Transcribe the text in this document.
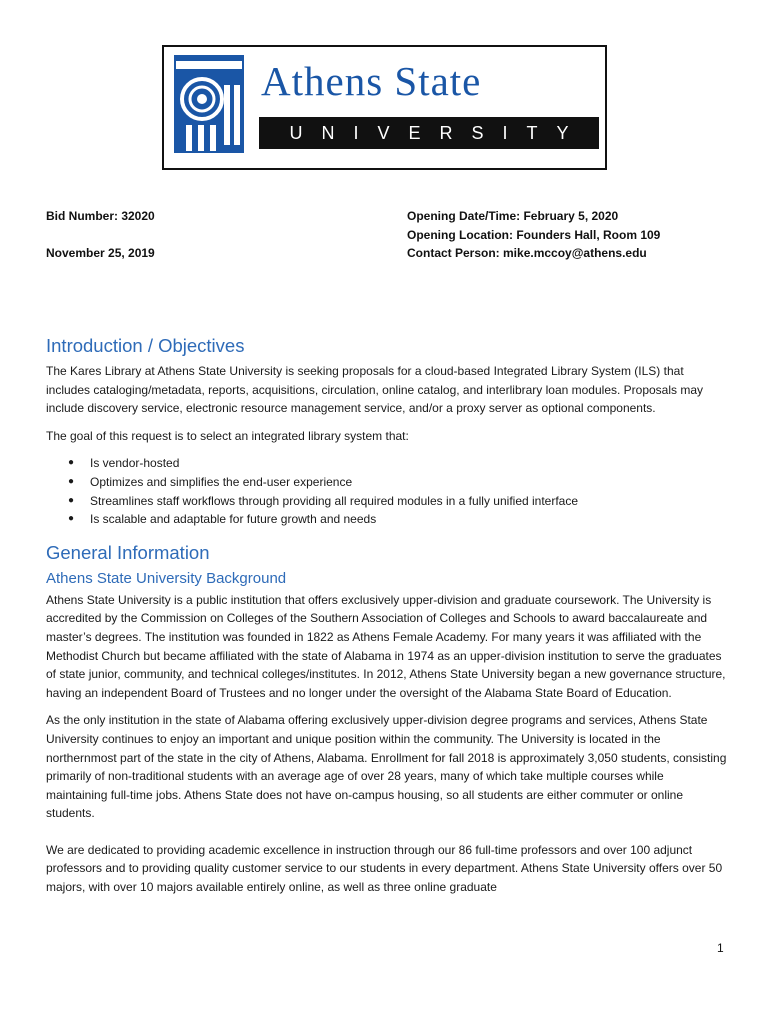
Athens State
UNIVERSITY
Bid Number: 32020
November 25, 2019
Opening Date/Time: February 5, 2020
Opening Location: Founders Hall, Room 109
Contact Person: mike.mccoy@athens.edu
Introduction / Objectives

The Kares Library at Athens State University is seeking proposals for a cloud-based Integrated Library System (ILS) that includes cataloging/metadata, reports, acquisitions, circulation, online catalog, and interlibrary loan modules. Proposals may include discovery service, electronic resource management service, and/or a proxy server as optional components.

The goal of this request is to select an integrated library system that:

● Is vendor-hosted
● Optimizes and simplifies the end-user experience
● Streamlines staff workflows through providing all required modules in a fully unified interface
● Is scalable and adaptable for future growth and needs
General Information
Athens State University Background

Athens State University is a public institution that offers exclusively upper-division and graduate coursework. The University is accredited by the Commission on Colleges of the Southern Association of Colleges and Schools to award baccalaureate and master’s degrees. The institution was founded in 1822 as Athens Female Academy. For many years it was affiliated with the Methodist Church but became affiliated with the state of Alabama in 1974 as an upper-division institution to serve the graduates of state junior, community, and technical colleges/institutes. In 2012, Athens State University began a new governance structure, having an independent Board of Trustees and no longer under the oversight of the Alabama State Board of Education.

As the only institution in the state of Alabama offering exclusively upper-division degree programs and services, Athens State University continues to enjoy an important and unique position within the community. The University is located in the northernmost part of the state in the city of Athens, Alabama. Enrollment for fall 2018 is approximately 3,050 students, consisting primarily of non-traditional students with an average age of over 28 years, many of which take multiple courses while maintaining full-time jobs. Athens State does not have on-campus housing, so all students are either commuter or online students.

We are dedicated to providing academic excellence in instruction through our 86 full-time professors and over 100 adjunct professors and to providing quality customer service to our students in every department. Athens State University offers over 50 majors, with over 10 majors available entirely online, as well as three online graduate

1
